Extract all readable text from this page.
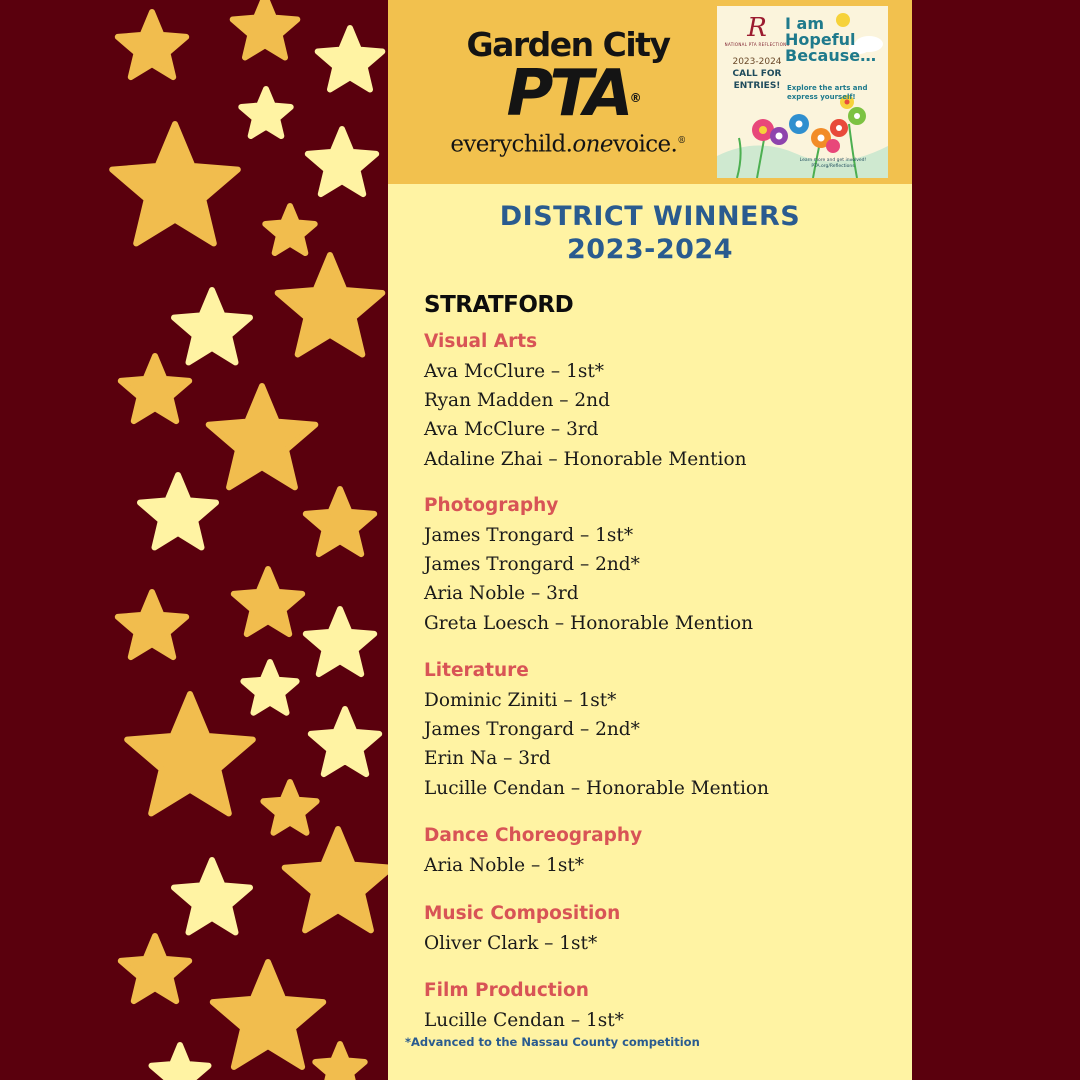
Garden City
PTA ®
everychild.onevoice.®
R
NATIONAL PTA REFLECTIONS
2023-2024
CALL FOR
ENTRIES!
I am
Hopeful
Because…
Explore the arts and
express yourself!
Learn more and get involved!
PTA.org/Reflections
DISTRICT WINNERS
2023-2024
STRATFORD
Visual Arts
Ava McClure – 1st*
Ryan Madden – 2nd
Ava McClure – 3rd
Adaline Zhai – Honorable Mention
Photography
James Trongard – 1st*
James Trongard – 2nd*
Aria Noble – 3rd
Greta Loesch – Honorable Mention
Literature
Dominic Ziniti – 1st*
James Trongard – 2nd*
Erin Na – 3rd
Lucille Cendan – Honorable Mention
Dance Choreography
Aria Noble – 1st*
Music Composition
Oliver Clark – 1st*
Film Production
Lucille Cendan – 1st*
*Advanced to the Nassau County competition
